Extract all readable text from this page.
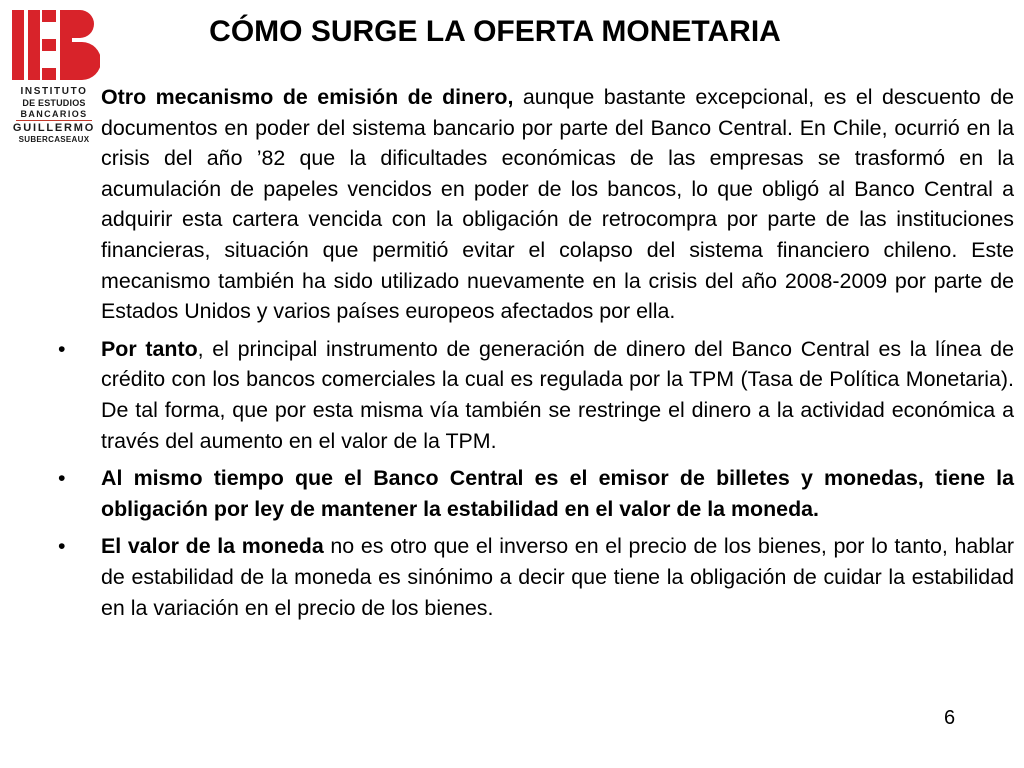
INSTITUTO
DE ESTUDIOS
BANCARIOS
GUILLERMO
SUBERCASEAUX
CÓMO SURGE LA OFERTA MONETARIA
Otro mecanismo de emisión de dinero, aunque bastante excepcional, es el descuento de documentos en poder del sistema bancario por parte del Banco Central. En Chile, ocurrió en la crisis del año ’82 que la dificultades económicas de las empresas se trasformó en la acumulación de papeles vencidos en poder de los bancos, lo que obligó al Banco Central a adquirir esta cartera vencida con la obligación de retrocompra por parte de las instituciones financieras, situación que permitió evitar el colapso del sistema financiero chileno. Este mecanismo también ha sido utilizado nuevamente en la crisis del año 2008-2009 por parte de Estados Unidos y varios países europeos afectados por ella.
•	Por tanto, el principal instrumento de generación de dinero del Banco Central es la línea de crédito con los bancos comerciales la cual es regulada por la TPM (Tasa de Política Monetaria). De tal forma, que por esta misma vía también se restringe el dinero a la actividad económica a través del aumento en el valor de la TPM.
•	Al mismo tiempo que el Banco Central es el emisor de billetes y monedas, tiene la obligación por ley de mantener la estabilidad en el valor de la moneda.
•	El valor de la moneda no es otro que el inverso en el precio de los bienes, por lo tanto, hablar de estabilidad de la moneda es sinónimo a decir que tiene la obligación de cuidar la estabilidad en la variación en el precio de los bienes.
6
